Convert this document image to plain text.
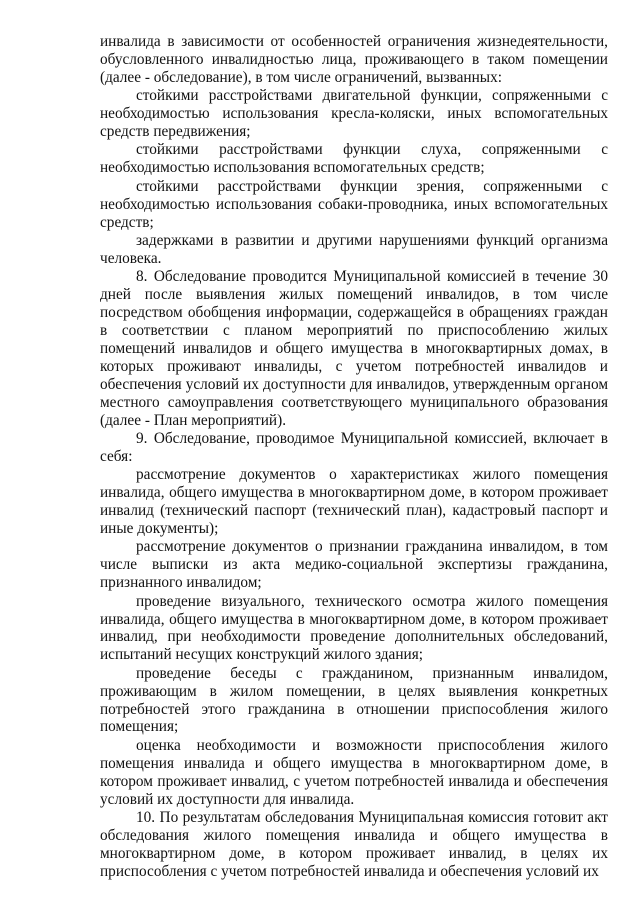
инвалида в зависимости от особенностей ограничения жизнедеятельности, обусловленного инвалидностью лица, проживающего в таком помещении (далее - обследование), в том числе ограничений, вызванных:

стойкими расстройствами двигательной функции, сопряженными с необходимостью использования кресла-коляски, иных вспомогательных средств передвижения;

стойкими расстройствами функции слуха, сопряженными с необходимостью использования вспомогательных средств;

стойкими расстройствами функции зрения, сопряженными с необходимостью использования собаки-проводника, иных вспомогательных средств;

задержками в развитии и другими нарушениями функций организма человека.

8. Обследование проводится Муниципальной комиссией в течение 30 дней после выявления жилых помещений инвалидов, в том числе посредством обобщения информации, содержащейся в обращениях граждан в соответствии с планом мероприятий по приспособлению жилых помещений инвалидов и общего имущества в многоквартирных домах, в которых проживают инвалиды, с учетом потребностей инвалидов и обеспечения условий их доступности для инвалидов, утвержденным органом местного самоуправления соответствующего муниципального образования (далее - План мероприятий).

9. Обследование, проводимое Муниципальной комиссией, включает в себя:

рассмотрение документов о характеристиках жилого помещения инвалида, общего имущества в многоквартирном доме, в котором проживает инвалид (технический паспорт (технический план), кадастровый паспорт и иные документы);

рассмотрение документов о признании гражданина инвалидом, в том числе выписки из акта медико-социальной экспертизы гражданина, признанного инвалидом;

проведение визуального, технического осмотра жилого помещения инвалида, общего имущества в многоквартирном доме, в котором проживает инвалид, при необходимости проведение дополнительных обследований, испытаний несущих конструкций жилого здания;

проведение беседы с гражданином, признанным инвалидом, проживающим в жилом помещении, в целях выявления конкретных потребностей этого гражданина в отношении приспособления жилого помещения;

оценка необходимости и возможности приспособления жилого помещения инвалида и общего имущества в многоквартирном доме, в котором проживает инвалид, с учетом потребностей инвалида и обеспечения условий их доступности для инвалида.

10. По результатам обследования Муниципальная комиссия готовит акт обследования жилого помещения инвалида и общего имущества в многоквартирном доме, в котором проживает инвалид, в целях их приспособления с учетом потребностей инвалида и обеспечения условий их
